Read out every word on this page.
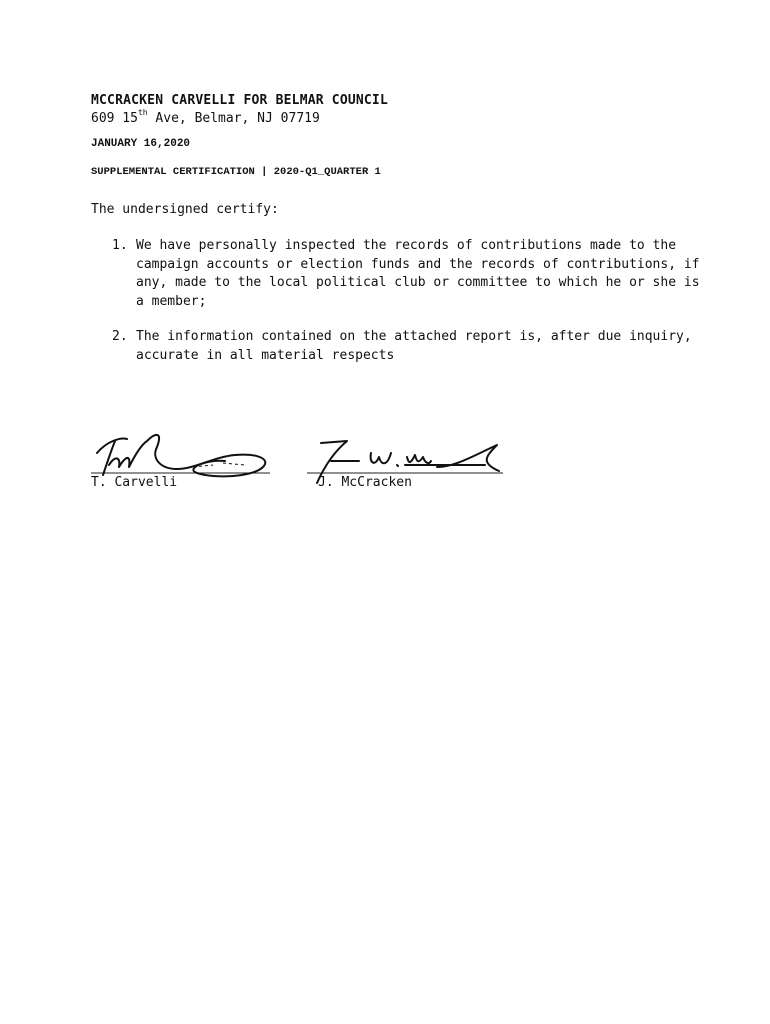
MCCRACKEN CARVELLI FOR BELMAR COUNCIL
609 15th Ave, Belmar, NJ 07719
JANUARY 16,2020
SUPPLEMENTAL CERTIFICATION | 2020-Q1_QUARTER 1
The undersigned certify:
1. We have personally inspected the records of contributions made to the campaign accounts or election funds and the records of contributions, if any, made to the local political club or committee to which he or she is a member;
2. The information contained on the attached report is, after due inquiry, accurate in all material respects
T. Carvelli	J. McCracken
